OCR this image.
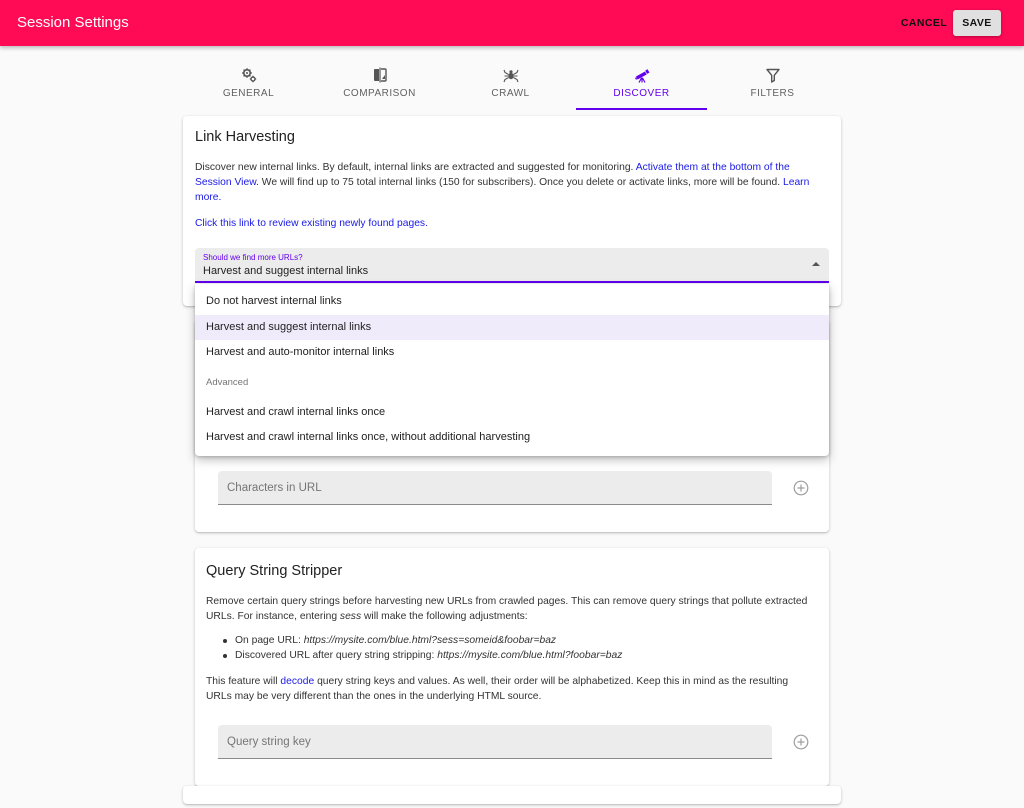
Session Settings	CANCEL	SAVE
GENERAL	COMPARISON	CRAWL	DISCOVER	FILTERS
Link Harvesting
Discover new internal links. By default, internal links are extracted and suggested for monitoring. Activate them at the bottom of the Session View. We will find up to 75 total internal links (150 for subscribers). Once you delete or activate links, more will be found. Learn more.
Click this link to review existing newly found pages.
Should we find more URLs?
Harvest and suggest internal links
Characters in URL
Query String Stripper
Remove certain query strings before harvesting new URLs from crawled pages. This can remove query strings that pollute extracted URLs. For instance, entering sess will make the following adjustments:
On page URL: https://mysite.com/blue.html?sess=someid&foobar=baz
Discovered URL after query string stripping: https://mysite.com/blue.html?foobar=baz
This feature will decode query string keys and values. As well, their order will be alphabetized. Keep this in mind as the resulting URLs may be very different than the ones in the underlying HTML source.
Query string key
Do not harvest internal links
Harvest and suggest internal links
Harvest and auto-monitor internal links
Advanced
Harvest and crawl internal links once
Harvest and crawl internal links once, without additional harvesting
